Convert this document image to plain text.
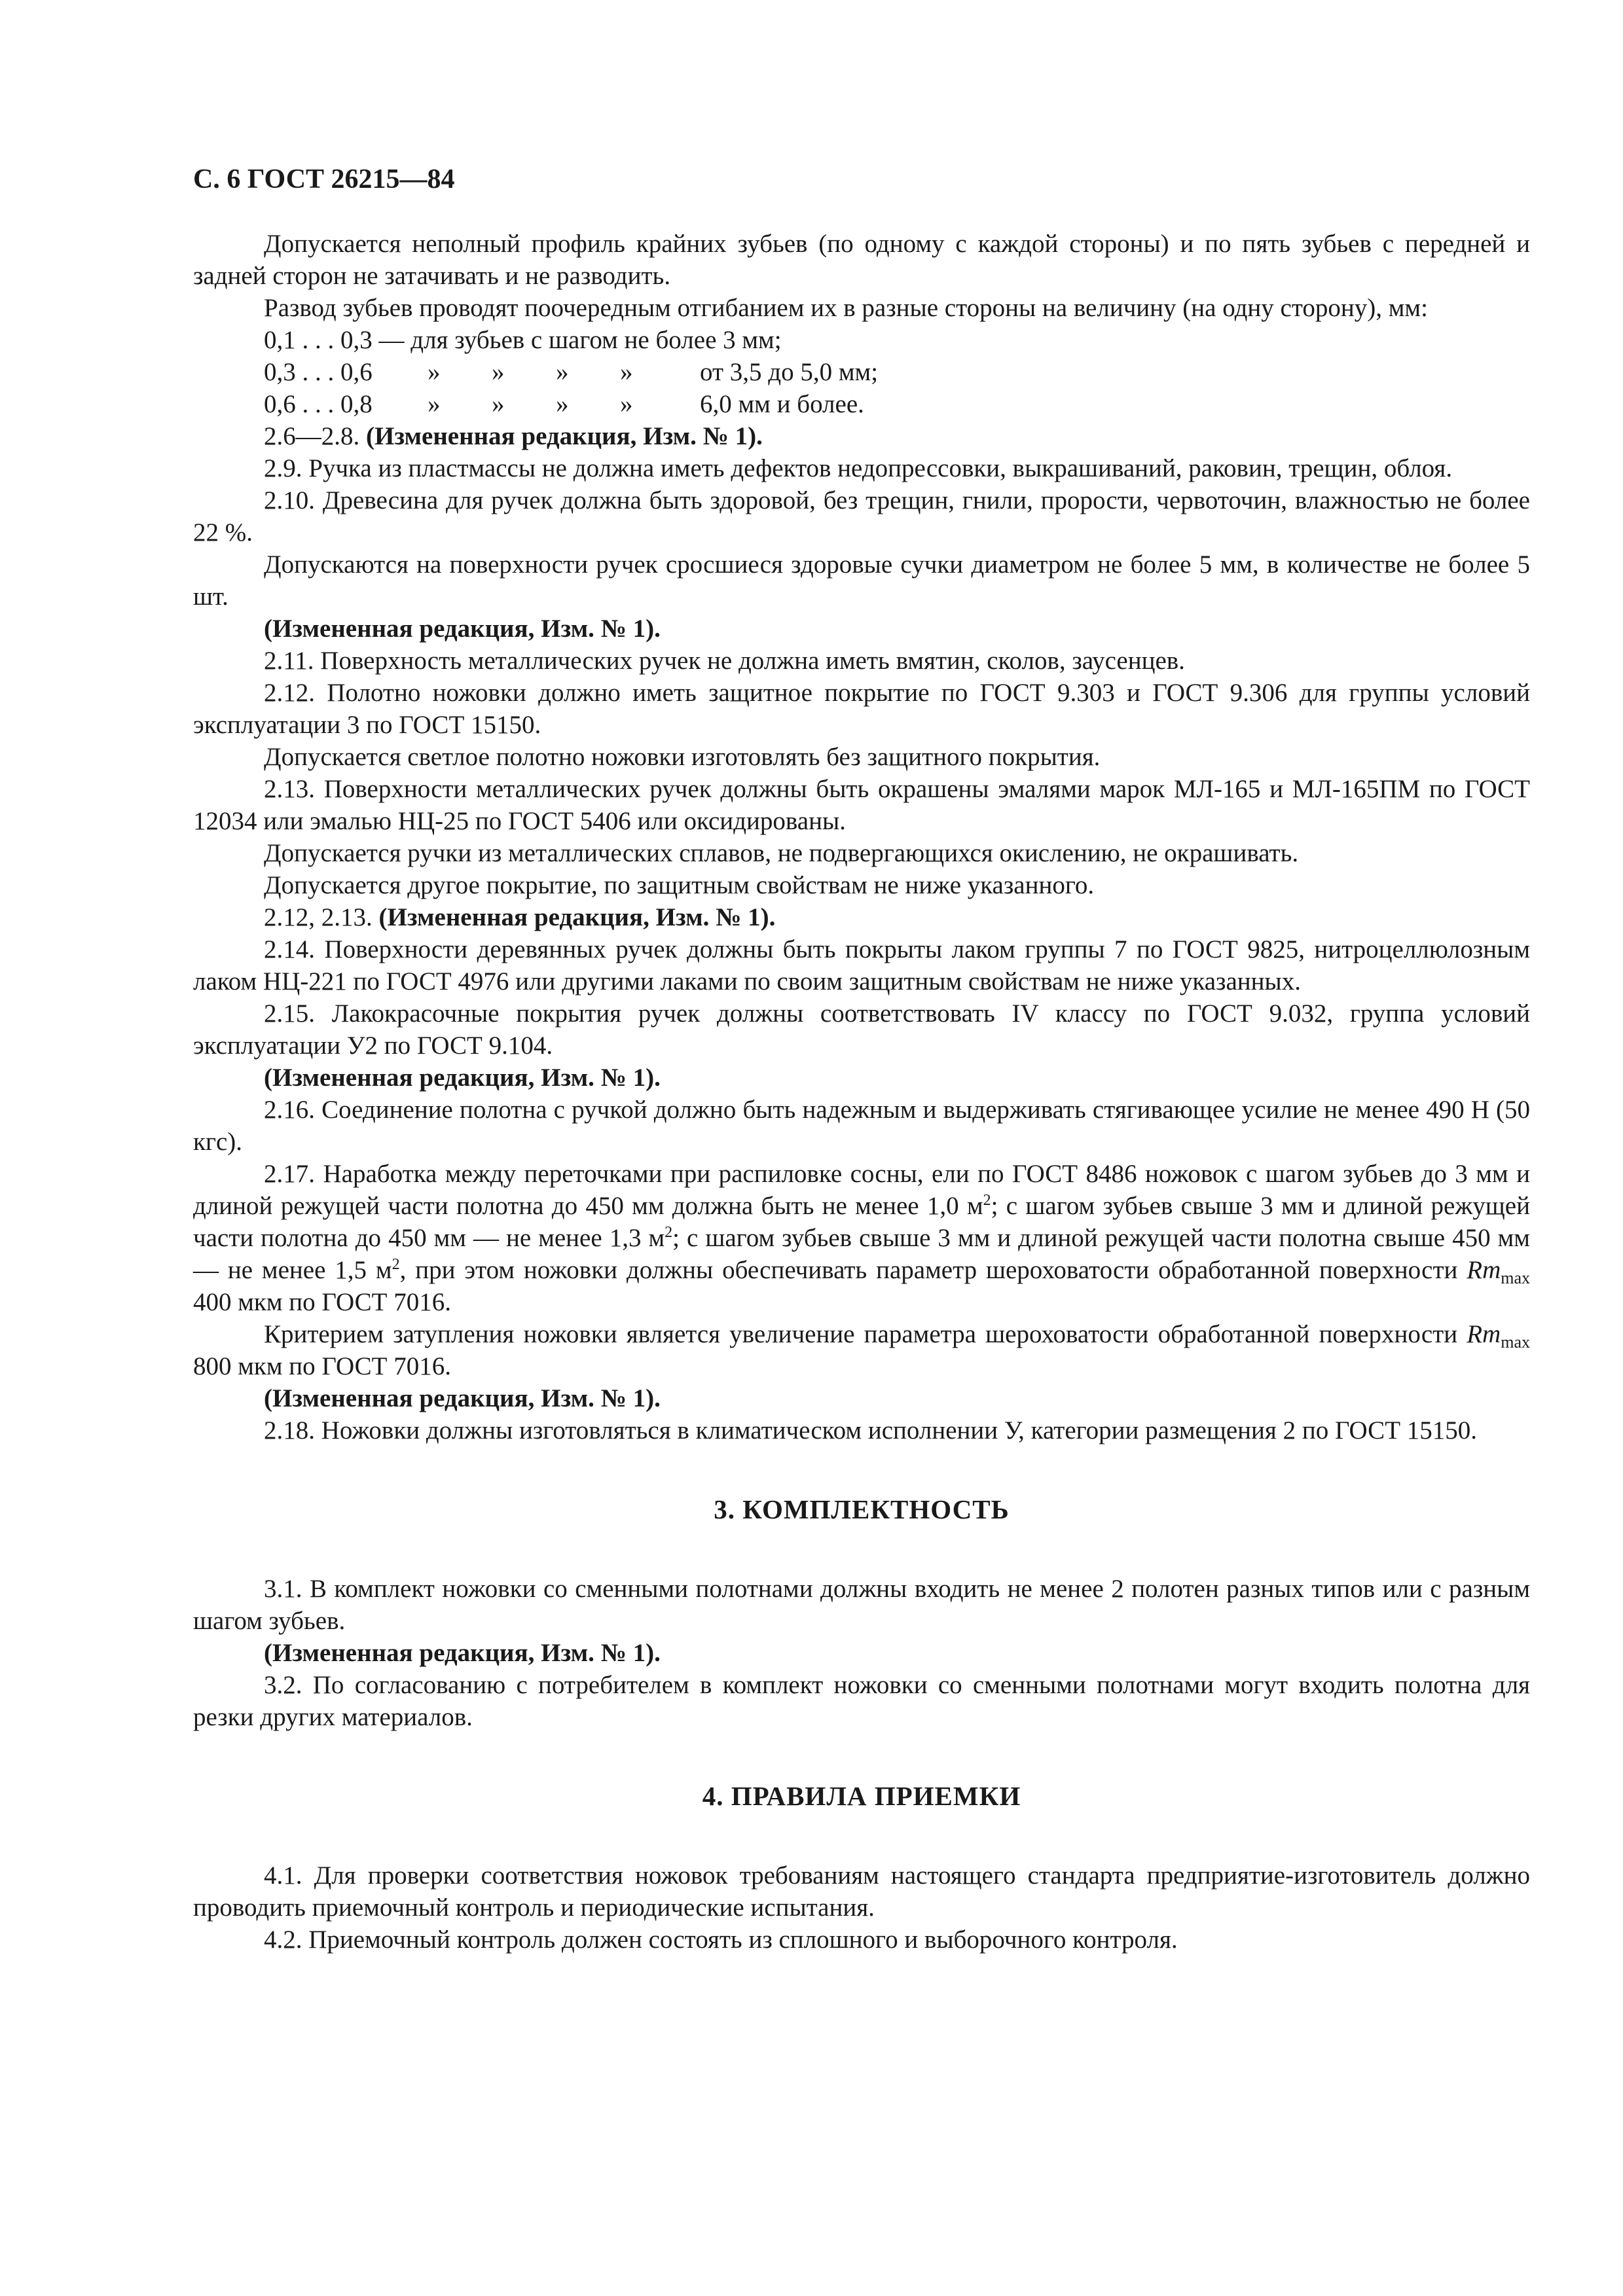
С. 6 ГОСТ 26215—84

Допускается неполный профиль крайних зубьев (по одному с каждой стороны) и по пять зубьев с передней и задней сторон не затачивать и не разводить.

Развод зубьев проводят поочередным отгибанием их в разные стороны на величину (на одну сторону), мм:

0,1 . . . 0,3 — для зубьев с шагом не более 3 мм;
0,3 . . . 0,6	»	»	»	»	от 3,5 до 5,0 мм;
0,6 . . . 0,8	»	»	»	»	6,0 мм и более.

2.6—2.8. (Измененная редакция, Изм. № 1).

2.9. Ручка из пластмассы не должна иметь дефектов недопрессовки, выкрашиваний, раковин, трещин, облоя.

2.10. Древесина для ручек должна быть здоровой, без трещин, гнили, прорости, червоточин, влажностью не более 22 %.

Допускаются на поверхности ручек сросшиеся здоровые сучки диаметром не более 5 мм, в количестве не более 5 шт.

(Измененная редакция, Изм. № 1).

2.11. Поверхность металлических ручек не должна иметь вмятин, сколов, заусенцев.

2.12. Полотно ножовки должно иметь защитное покрытие по ГОСТ 9.303 и ГОСТ 9.306 для группы условий эксплуатации 3 по ГОСТ 15150.

Допускается светлое полотно ножовки изготовлять без защитного покрытия.

2.13. Поверхности металлических ручек должны быть окрашены эмалями марок МЛ-165 и МЛ-165ПМ по ГОСТ 12034 или эмалью НЦ-25 по ГОСТ 5406 или оксидированы.

Допускается ручки из металлических сплавов, не подвергающихся окислению, не окрашивать.

Допускается другое покрытие, по защитным свойствам не ниже указанного.

2.12, 2.13. (Измененная редакция, Изм. № 1).

2.14. Поверхности деревянных ручек должны быть покрыты лаком группы 7 по ГОСТ 9825, нитроцеллюлозным лаком НЦ-221 по ГОСТ 4976 или другими лаками по своим защитным свойствам не ниже указанных.

2.15. Лакокрасочные покрытия ручек должны соответствовать IV классу по ГОСТ 9.032, группа условий эксплуатации У2 по ГОСТ 9.104.

(Измененная редакция, Изм. № 1).

2.16. Соединение полотна с ручкой должно быть надежным и выдерживать стягивающее усилие не менее 490 Н (50 кгс).

2.17. Наработка между переточками при распиловке сосны, ели по ГОСТ 8486 ножовок с шагом зубьев до 3 мм и длиной режущей части полотна до 450 мм должна быть не менее 1,0 $м^2$; с шагом зубьев свыше 3 мм и длиной режущей части полотна до 450 мм — не менее 1,3 $м^2$; с шагом зубьев свыше 3 мм и длиной режущей части полотна свыше 450 мм — не менее 1,5 $м^2$, при этом ножовки должны обеспечивать параметр шероховатости обработанной поверхности $Rm_{max}$ 400 мкм по ГОСТ 7016.

Критерием затупления ножовки является увеличение параметра шероховатости обработанной поверхности $Rm_{max}$ 800 мкм по ГОСТ 7016.

(Измененная редакция, Изм. № 1).

2.18. Ножовки должны изготовляться в климатическом исполнении У, категории размещения 2 по ГОСТ 15150.

3. КОМПЛЕКТНОСТЬ

3.1. В комплект ножовки со сменными полотнами должны входить не менее 2 полотен разных типов или с разным шагом зубьев.

(Измененная редакция, Изм. № 1).

3.2. По согласованию с потребителем в комплект ножовки со сменными полотнами могут входить полотна для резки других материалов.

4. ПРАВИЛА ПРИЕМКИ

4.1. Для проверки соответствия ножовок требованиям настоящего стандарта предприятие-изготовитель должно проводить приемочный контроль и периодические испытания.

4.2. Приемочный контроль должен состоять из сплошного и выборочного контроля.
